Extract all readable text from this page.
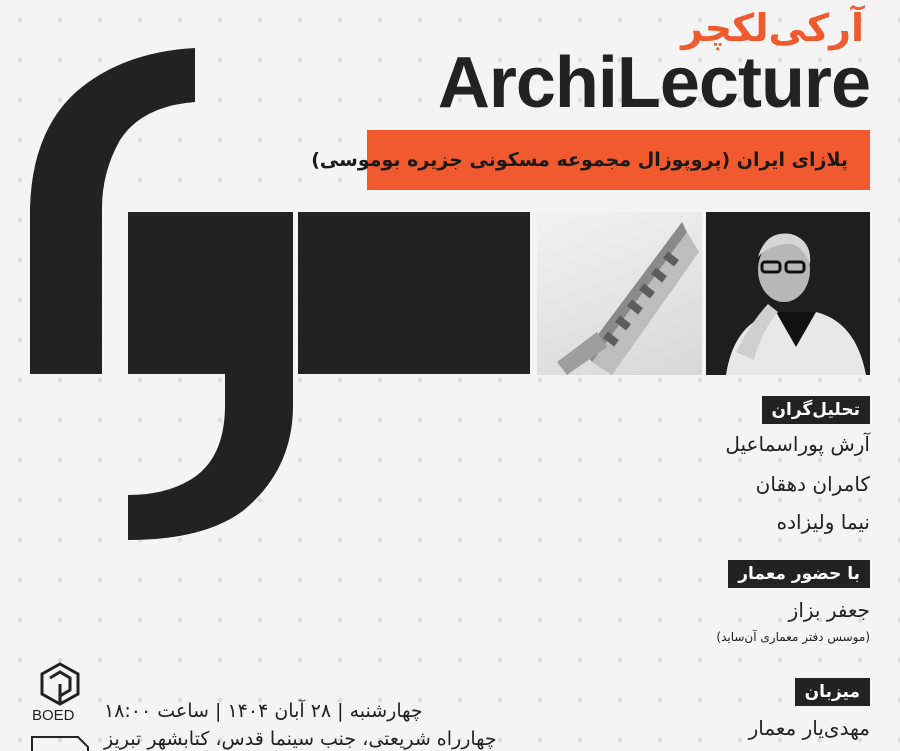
آرکی‌لکچر
ArchiLecture
پلازای ایران (پروپوزال مجموعه مسکونی جزیره بوموسی)
تحلیل‌گران
آرش پوراسماعیل
کامران دهقان
نیما ولیزاده
با حضور معمار
جعفر بزاز
(موسس دفتر معماری آن‌ساید)
میزبان
مهدی‌یار معمار
BOED چهارشنبه | ۲۸ آبان ۱۴۰۴ | ساعت ۱۸:۰۰
چهارراه شریعتی، جنب سینما قدس، کتابشهر تبریز
